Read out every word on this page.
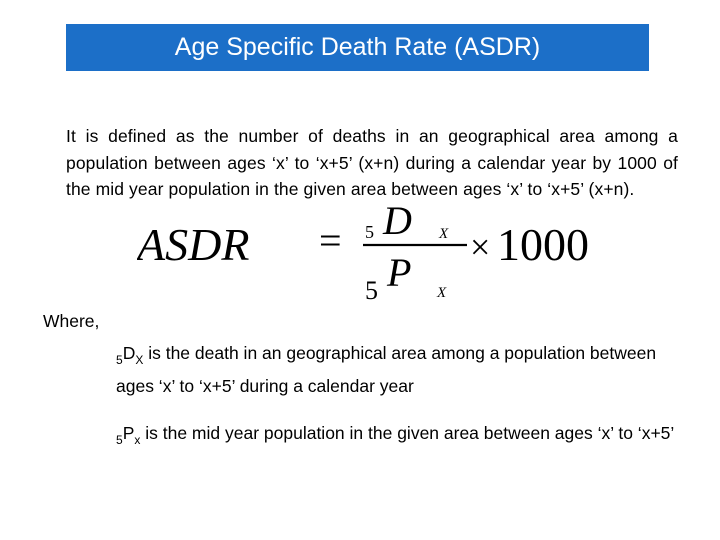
Age Specific Death Rate (ASDR)
It is defined as the number of deaths in an geographical area among a population between ages ‘x’ to ‘x+5’ (x+n) during a calendar year by 1000 of the mid year population in the given area between ages ‘x’ to ‘x+5’ (x+n).
ASDR = 5 D X
5 P X
× 1000
Where,
$_5D_X$ is the death in an geographical area among a population between ages ‘x’ to ‘x+5’ during a calendar year
$_5P_x$ is the mid year population in the given area between ages ‘x’ to ‘x+5’
